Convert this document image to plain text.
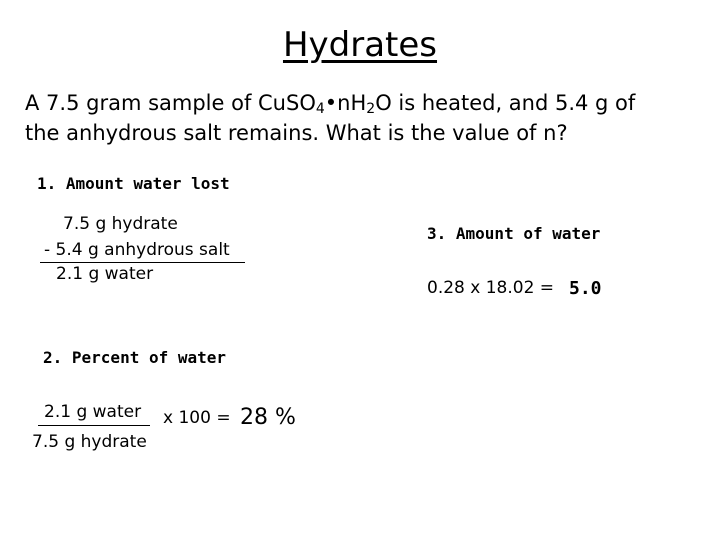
Hydrates
A 7.5 gram sample of $CuSO_4•nH_2O$ is heated, and 5.4 g of
the anhydrous salt remains. What is the value of n?
1. Amount water lost
7.5 g hydrate
- 5.4 g anhydrous salt
2.1 g water
2. Percent of water
2.1 g water
7.5 g hydrate
x 100 = 28 %
3. Amount of water
0.28 x 18.02 = 5.0
